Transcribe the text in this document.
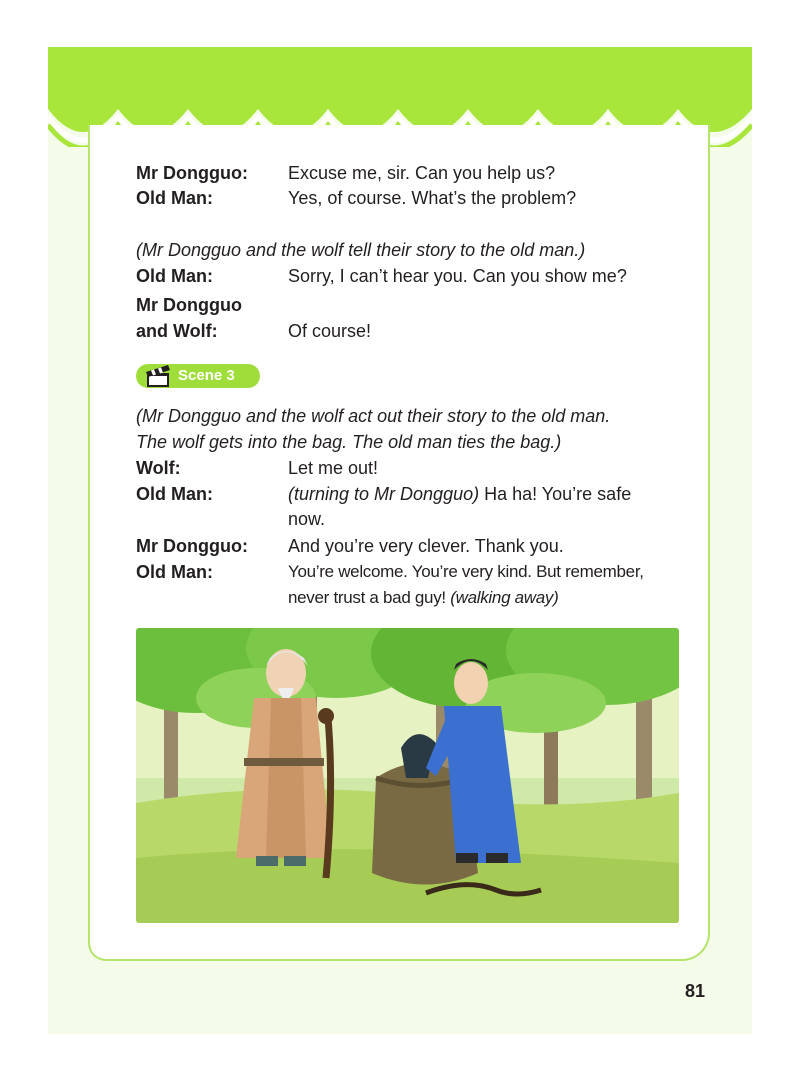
Mr Dongguo: Excuse me, sir. Can you help us?
Old Man:	Yes, of course. What’s the problem?
(Mr Dongguo and the wolf tell their story to the old man.)
Old Man:	Sorry, I can’t hear you. Can you show me?
Mr Dongguo
and Wolf:	Of course!
Scene 3
(Mr Dongguo and the wolf act out their story to the old man.
The wolf gets into the bag. The old man ties the bag.)
Wolf:	Let me out!
Old Man:	(turning to Mr Dongguo) Ha ha! You’re safe
now.
Mr Dongguo: And you’re very clever. Thank you.
Old Man:	You’re welcome. You’re very kind. But remember,
never trust a bad guy! (walking away)
81
